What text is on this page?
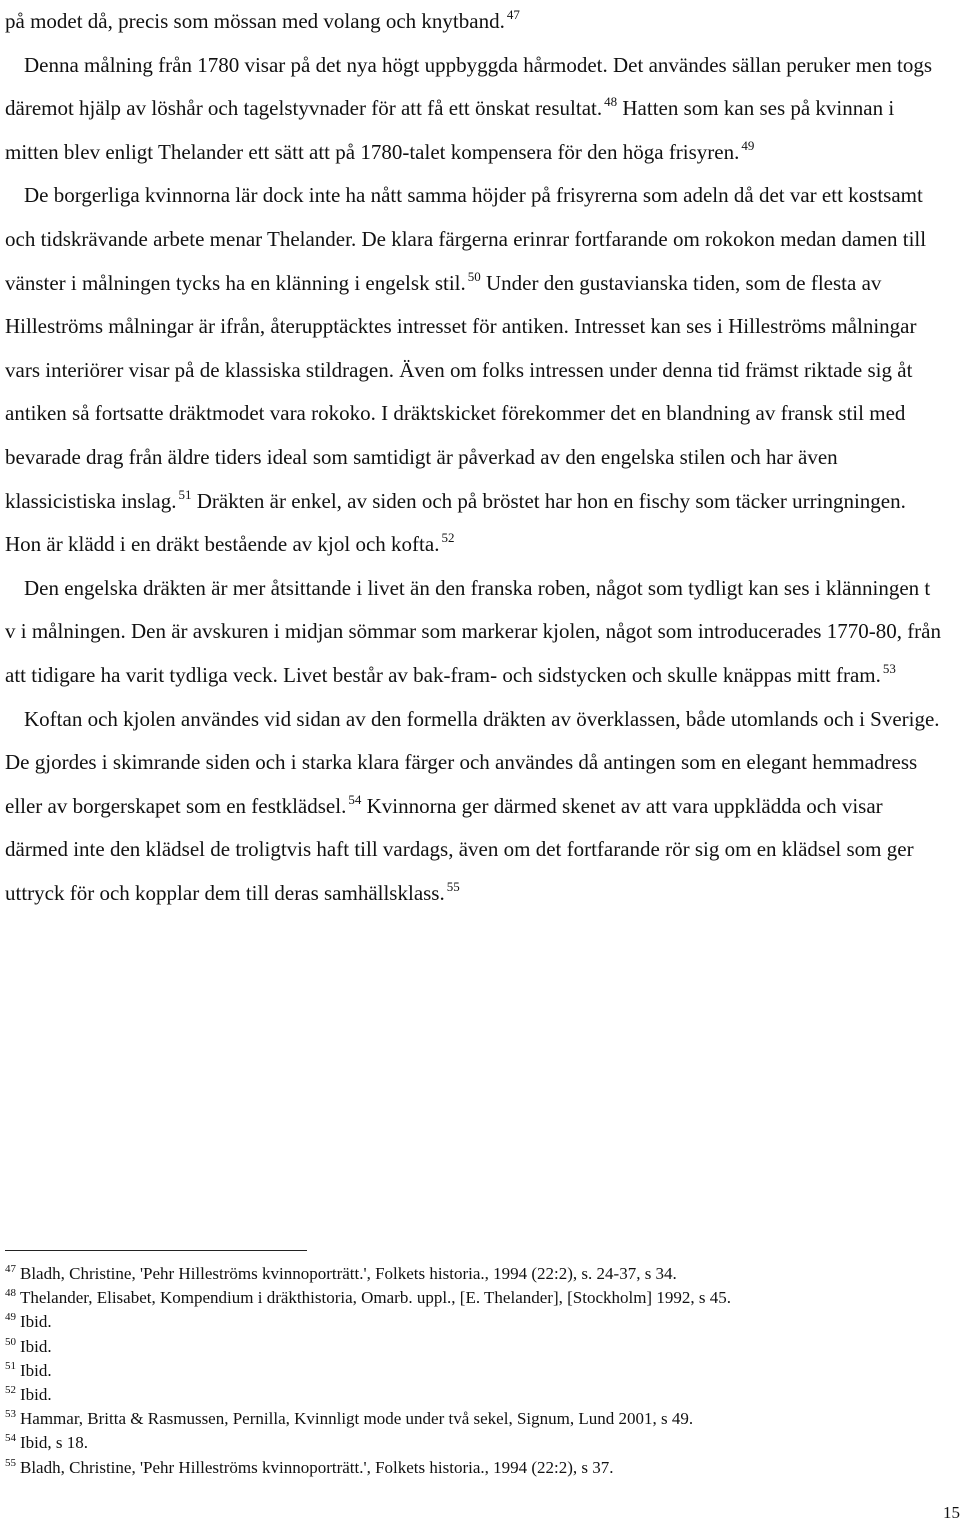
på modet då, precis som mössan med volang och knytband. $^{47}$

Denna målning från 1780 visar på det nya högt uppbyggda hårmodet. Det användes sällan peruker men togs däremot hjälp av löshår och tagelstyvnader för att få ett önskat resultat. $^{48}$ Hatten som kan ses på kvinnan i mitten blev enligt Thelander ett sätt att på 1780-talet kompensera för den höga frisyren. $^{49}$

De borgerliga kvinnorna lär dock inte ha nått samma höjder på frisyrerna som adeln då det var ett kostsamt och tidskrävande arbete menar Thelander. De klara färgerna erinrar fortfarande om rokokon medan damen till vänster i målningen tycks ha en klänning i engelsk stil. $^{50}$ Under den gustavianska tiden, som de flesta av Hilleströms målningar är ifrån, återupptäcktes intresset för antiken. Intresset kan ses i Hilleströms målningar vars interiörer visar på de klassiska stildragen. Även om folks intressen under denna tid främst riktade sig åt antiken så fortsatte dräktmodet vara rokoko. I dräktskicket förekommer det en blandning av fransk stil med bevarade drag från äldre tiders ideal som samtidigt är påverkad av den engelska stilen och har även klassicistiska inslag. $^{51}$ Dräkten är enkel, av siden och på bröstet har hon en fischy som täcker urringningen. Hon är klädd i en dräkt bestående av kjol och kofta. $^{52}$

Den engelska dräkten är mer åtsittande i livet än den franska roben, något som tydligt kan ses i klänningen t v i målningen. Den är avskuren i midjan sömmar som markerar kjolen, något som introducerades 1770-80, från att tidigare ha varit tydliga veck. Livet består av bak-fram- och sidstycken och skulle knäppas mitt fram. $^{53}$

Koftan och kjolen användes vid sidan av den formella dräkten av överklassen, både utomlands och i Sverige. De gjordes i skimrande siden och i starka klara färger och användes då antingen som en elegant hemmadress eller av borgerskapet som en festklädsel. $^{54}$ Kvinnorna ger därmed skenet av att vara uppklädda och visar därmed inte den klädsel de troligtvis haft till vardags, även om det fortfarande rör sig om en klädsel som ger uttryck för och kopplar dem till deras samhällsklass. $^{55}$

$^{47}$ Bladh, Christine, 'Pehr Hilleströms kvinnoporträtt.', Folkets historia., 1994 (22:2), s. 24-37, s 34.
$^{48}$ Thelander, Elisabet, Kompendium i dräkthistoria, Omarb. uppl., [E. Thelander], [Stockholm] 1992, s 45.
$^{49}$ Ibid.
$^{50}$ Ibid.
$^{51}$ Ibid.
$^{52}$ Ibid.
$^{53}$ Hammar, Britta & Rasmussen, Pernilla, Kvinnligt mode under två sekel, Signum, Lund 2001, s 49.
$^{54}$ Ibid, s 18.
$^{55}$ Bladh, Christine, 'Pehr Hilleströms kvinnoporträtt.', Folkets historia., 1994 (22:2), s 37.
15
